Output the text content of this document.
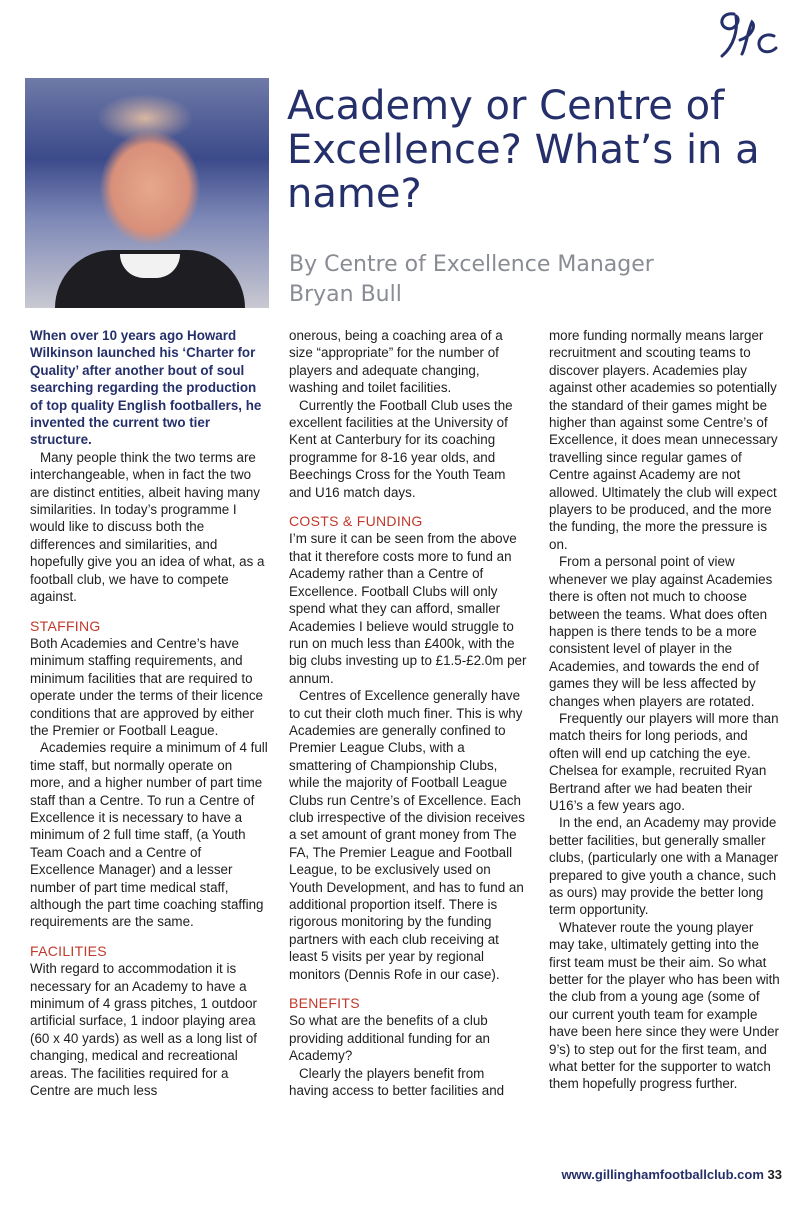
Academy or Centre of Excellence? What’s in a name?
By Centre of Excellence Manager
Bryan Bull

When over 10 years ago Howard Wilkinson launched his ‘Charter for Quality’ after another bout of soul searching regarding the production of top quality English footballers, he invented the current two tier structure.

Many people think the two terms are interchangeable, when in fact the two are distinct entities, albeit having many similarities. In today’s programme I would like to discuss both the differences and similarities, and hopefully give you an idea of what, as a football club, we have to compete against.

STAFFING

Both Academies and Centre’s have minimum staffing requirements, and minimum facilities that are required to operate under the terms of their licence conditions that are approved by either the Premier or Football League.

Academies require a minimum of 4 full time staff, but normally operate on more, and a higher number of part time staff than a Centre. To run a Centre of Excellence it is necessary to have a minimum of 2 full time staff, (a Youth Team Coach and a Centre of Excellence Manager) and a lesser number of part time medical staff, although the part time coaching staffing requirements are the same.

FACILITIES

With regard to accommodation it is necessary for an Academy to have a minimum of 4 grass pitches, 1 outdoor artificial surface, 1 indoor playing area (60 x 40 yards) as well as a long list of changing, medical and recreational areas. The facilities required for a Centre are much less

onerous, being a coaching area of a size “appropriate” for the number of players and adequate changing, washing and toilet facilities.

Currently the Football Club uses the excellent facilities at the University of Kent at Canterbury for its coaching programme for 8-16 year olds, and Beechings Cross for the Youth Team and U16 match days.

COSTS & FUNDING

I’m sure it can be seen from the above that it therefore costs more to fund an Academy rather than a Centre of Excellence. Football Clubs will only spend what they can afford, smaller Academies I believe would struggle to run on much less than £400k, with the big clubs investing up to £1.5-£2.0m per annum.

Centres of Excellence generally have to cut their cloth much finer. This is why Academies are generally confined to Premier League Clubs, with a smattering of Championship Clubs, while the majority of Football League Clubs run Centre’s of Excellence. Each club irrespective of the division receives a set amount of grant money from The FA, The Premier League and Football League, to be exclusively used on Youth Development, and has to fund an additional proportion itself. There is rigorous monitoring by the funding partners with each club receiving at least 5 visits per year by regional monitors (Dennis Rofe in our case).

BENEFITS

So what are the benefits of a club providing additional funding for an Academy?

Clearly the players benefit from having access to better facilities and

more funding normally means larger recruitment and scouting teams to discover players. Academies play against other academies so potentially the standard of their games might be higher than against some Centre’s of Excellence, it does mean unnecessary travelling since regular games of Centre against Academy are not allowed. Ultimately the club will expect players to be produced, and the more the funding, the more the pressure is on.

From a personal point of view whenever we play against Academies there is often not much to choose between the teams. What does often happen is there tends to be a more consistent level of player in the Academies, and towards the end of games they will be less affected by changes when players are rotated.

Frequently our players will more than match theirs for long periods, and often will end up catching the eye. Chelsea for example, recruited Ryan Bertrand after we had beaten their U16’s a few years ago.

In the end, an Academy may provide better facilities, but generally smaller clubs, (particularly one with a Manager prepared to give youth a chance, such as ours) may provide the better long term opportunity.

Whatever route the young player may take, ultimately getting into the first team must be their aim. So what better for the player who has been with the club from a young age (some of our current youth team for example have been here since they were Under 9’s) to step out for the first team, and what better for the supporter to watch them hopefully progress further.

www.gillinghamfootballclub.com 33
